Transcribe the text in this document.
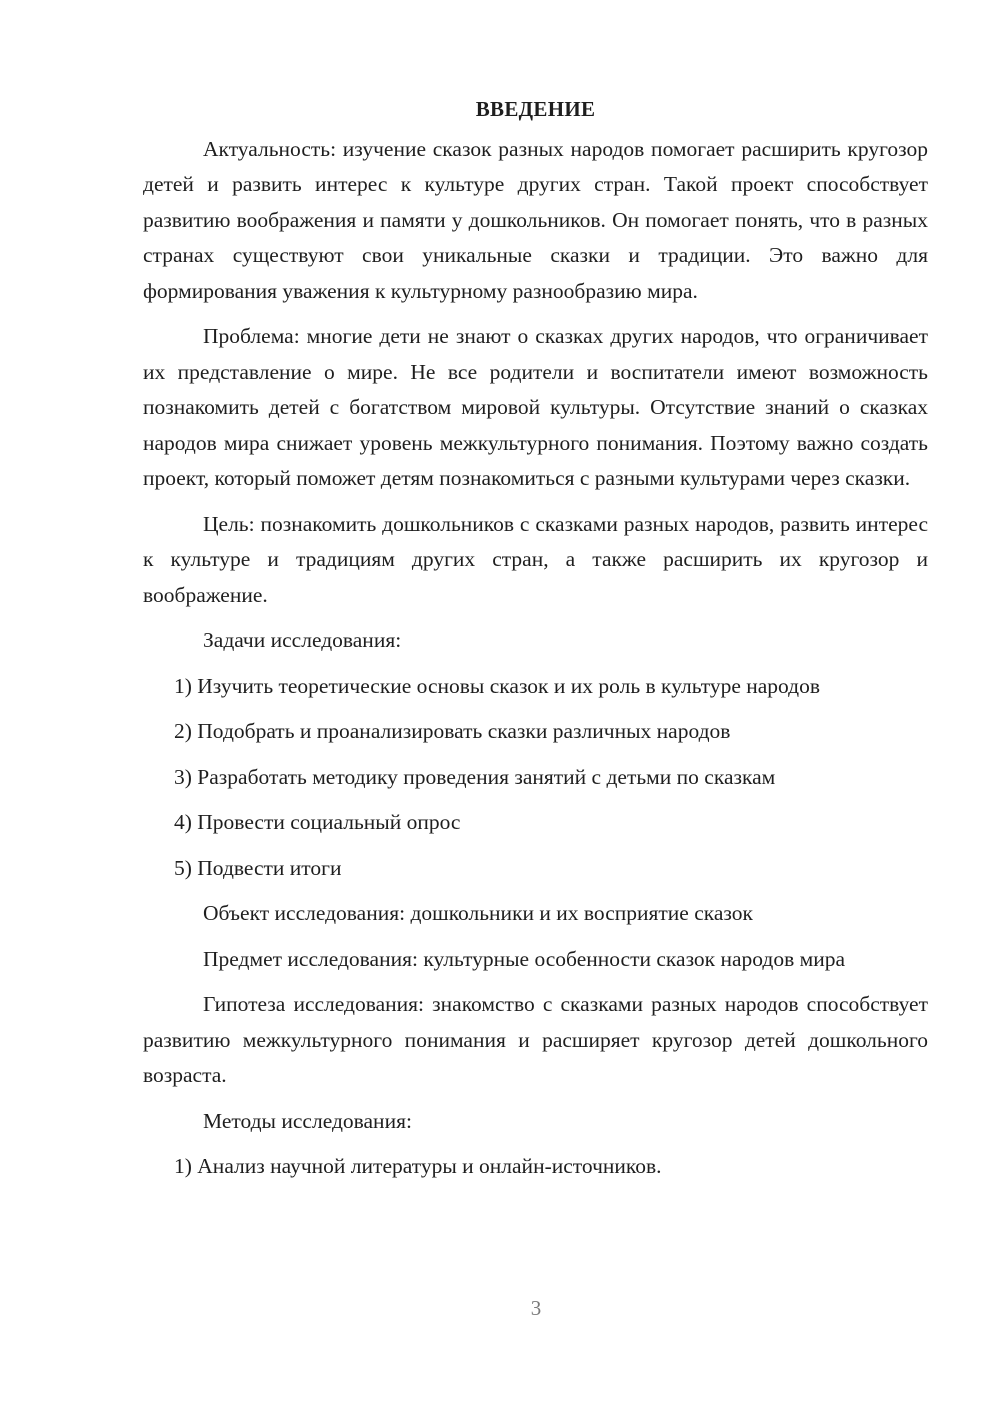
ВВЕДЕНИЕ

Актуальность: изучение сказок разных народов помогает расширить кругозор детей и развить интерес к культуре других стран. Такой проект способствует развитию воображения и памяти у дошкольников. Он помогает понять, что в разных странах существуют свои уникальные сказки и традиции. Это важно для формирования уважения к культурному разнообразию мира.

Проблема: многие дети не знают о сказках других народов, что ограничивает их представление о мире. Не все родители и воспитатели имеют возможность познакомить детей с богатством мировой культуры. Отсутствие знаний о сказках народов мира снижает уровень межкультурного понимания. Поэтому важно создать проект, который поможет детям познакомиться с разными культурами через сказки.

Цель: познакомить дошкольников с сказками разных народов, развить интерес к культуре и традициям других стран, а также расширить их кругозор и воображение.

Задачи исследования:

1) Изучить теоретические основы сказок и их роль в культуре народов
2) Подобрать и проанализировать сказки различных народов
3) Разработать методику проведения занятий с детьми по сказкам
4) Провести социальный опрос
5) Подвести итоги

Объект исследования: дошкольники и их восприятие сказок

Предмет исследования: культурные особенности сказок народов мира

Гипотеза исследования: знакомство с сказками разных народов способствует развитию межкультурного понимания и расширяет кругозор детей дошкольного возраста.

Методы исследования:

1) Анализ научной литературы и онлайн-источников.
3
